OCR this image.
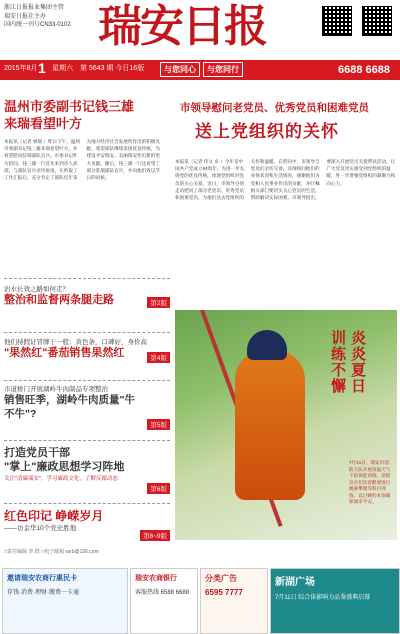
浙江日报报业集团主管
瑞安日报社主办
国内统一刊号CN33-0102 瑞安日报
2015年8月 1 星期六 第 5643 期 今日16版	与您同心 与您同行	6688 6688
温州市委副书记钱三雄
来瑞看望叶方
本报讯（记者 林瑞 ）昨日下午，温州市委副书记钱三雄来瑞看望叶方，并看望慰问驻瑞部队官兵。市委书记叶方陪同。钱三雄一行首先来到市人武部，与部队官兵亲切座谈，在听取了工作汇报后，充分肯定了部队近年来为地方经济社会发展所作出的积极贡献，希望部队继续发扬优良传统，为建设平安瑞安、美丽瑞安作出新的更大贡献。随后，钱三雄一行还看望了部分驻瑞部队官兵，并向他们致以节日的问候。
市领导慰问老党员、优秀党员和困难党员
送上党组织的关怀
本报讯（记者 伟文 卓 ）今年是中国共产党成立94周年。为进一步弘扬党的优良传统，体现党组织对党员的关心关爱，近日，市领导分别走访慰问了部分老党员、优秀党员和困难党员，为他们送去党组织的关怀和温暖。在慰问中，市领导与党员们亲切交谈，详细询问他们的身体状况和生活情况，感谢他们为党和人民事业作出的贡献，并叮嘱相关部门要切实关心党员的生活，帮助解决实际困难。市领导指出，要深入开展党员关爱帮扶活动，让广大党员切实感受到党组织的温暖，进一步增强党组织的凝聚力和向心力。
治水长效之路如何走？
整治和监督两条腿走路	第2版
他们持假证冒牌干一般：黄色条，口碑好，身价高
"果然红"番茄销售果然红	第4版
市道桥门开展湖岭牛肉制品专项整治
销售旺季，湖岭牛肉质量"牛不牛"?
第5版
打造党员干部
"掌上"廉政思想学习阵地
关注"清廉瑞安"，学习廉政文化，了解反腐动态
第6版
红色印记 峥嵘岁月
——访金华10个党史胜地
第8~9版
□责任编辑 李 群 □电子邮箱 rarb@126.com
炎炎夏日
训练不懈
7月31日，瑞安市消防大队开展高温天气下的体能训练，消防官兵们冒着酷暑进行绳索攀爬等科目训练，以过硬的本领确保城市平安。
邀请瑞安农商行惠民卡
存钱·消费·理财·缴费一卡通
瑞安农商银行
客服热线 6588 6688
分类广告
6595 7777
新湖广场
7月11日 综合体影响力品鉴盛典启幕
